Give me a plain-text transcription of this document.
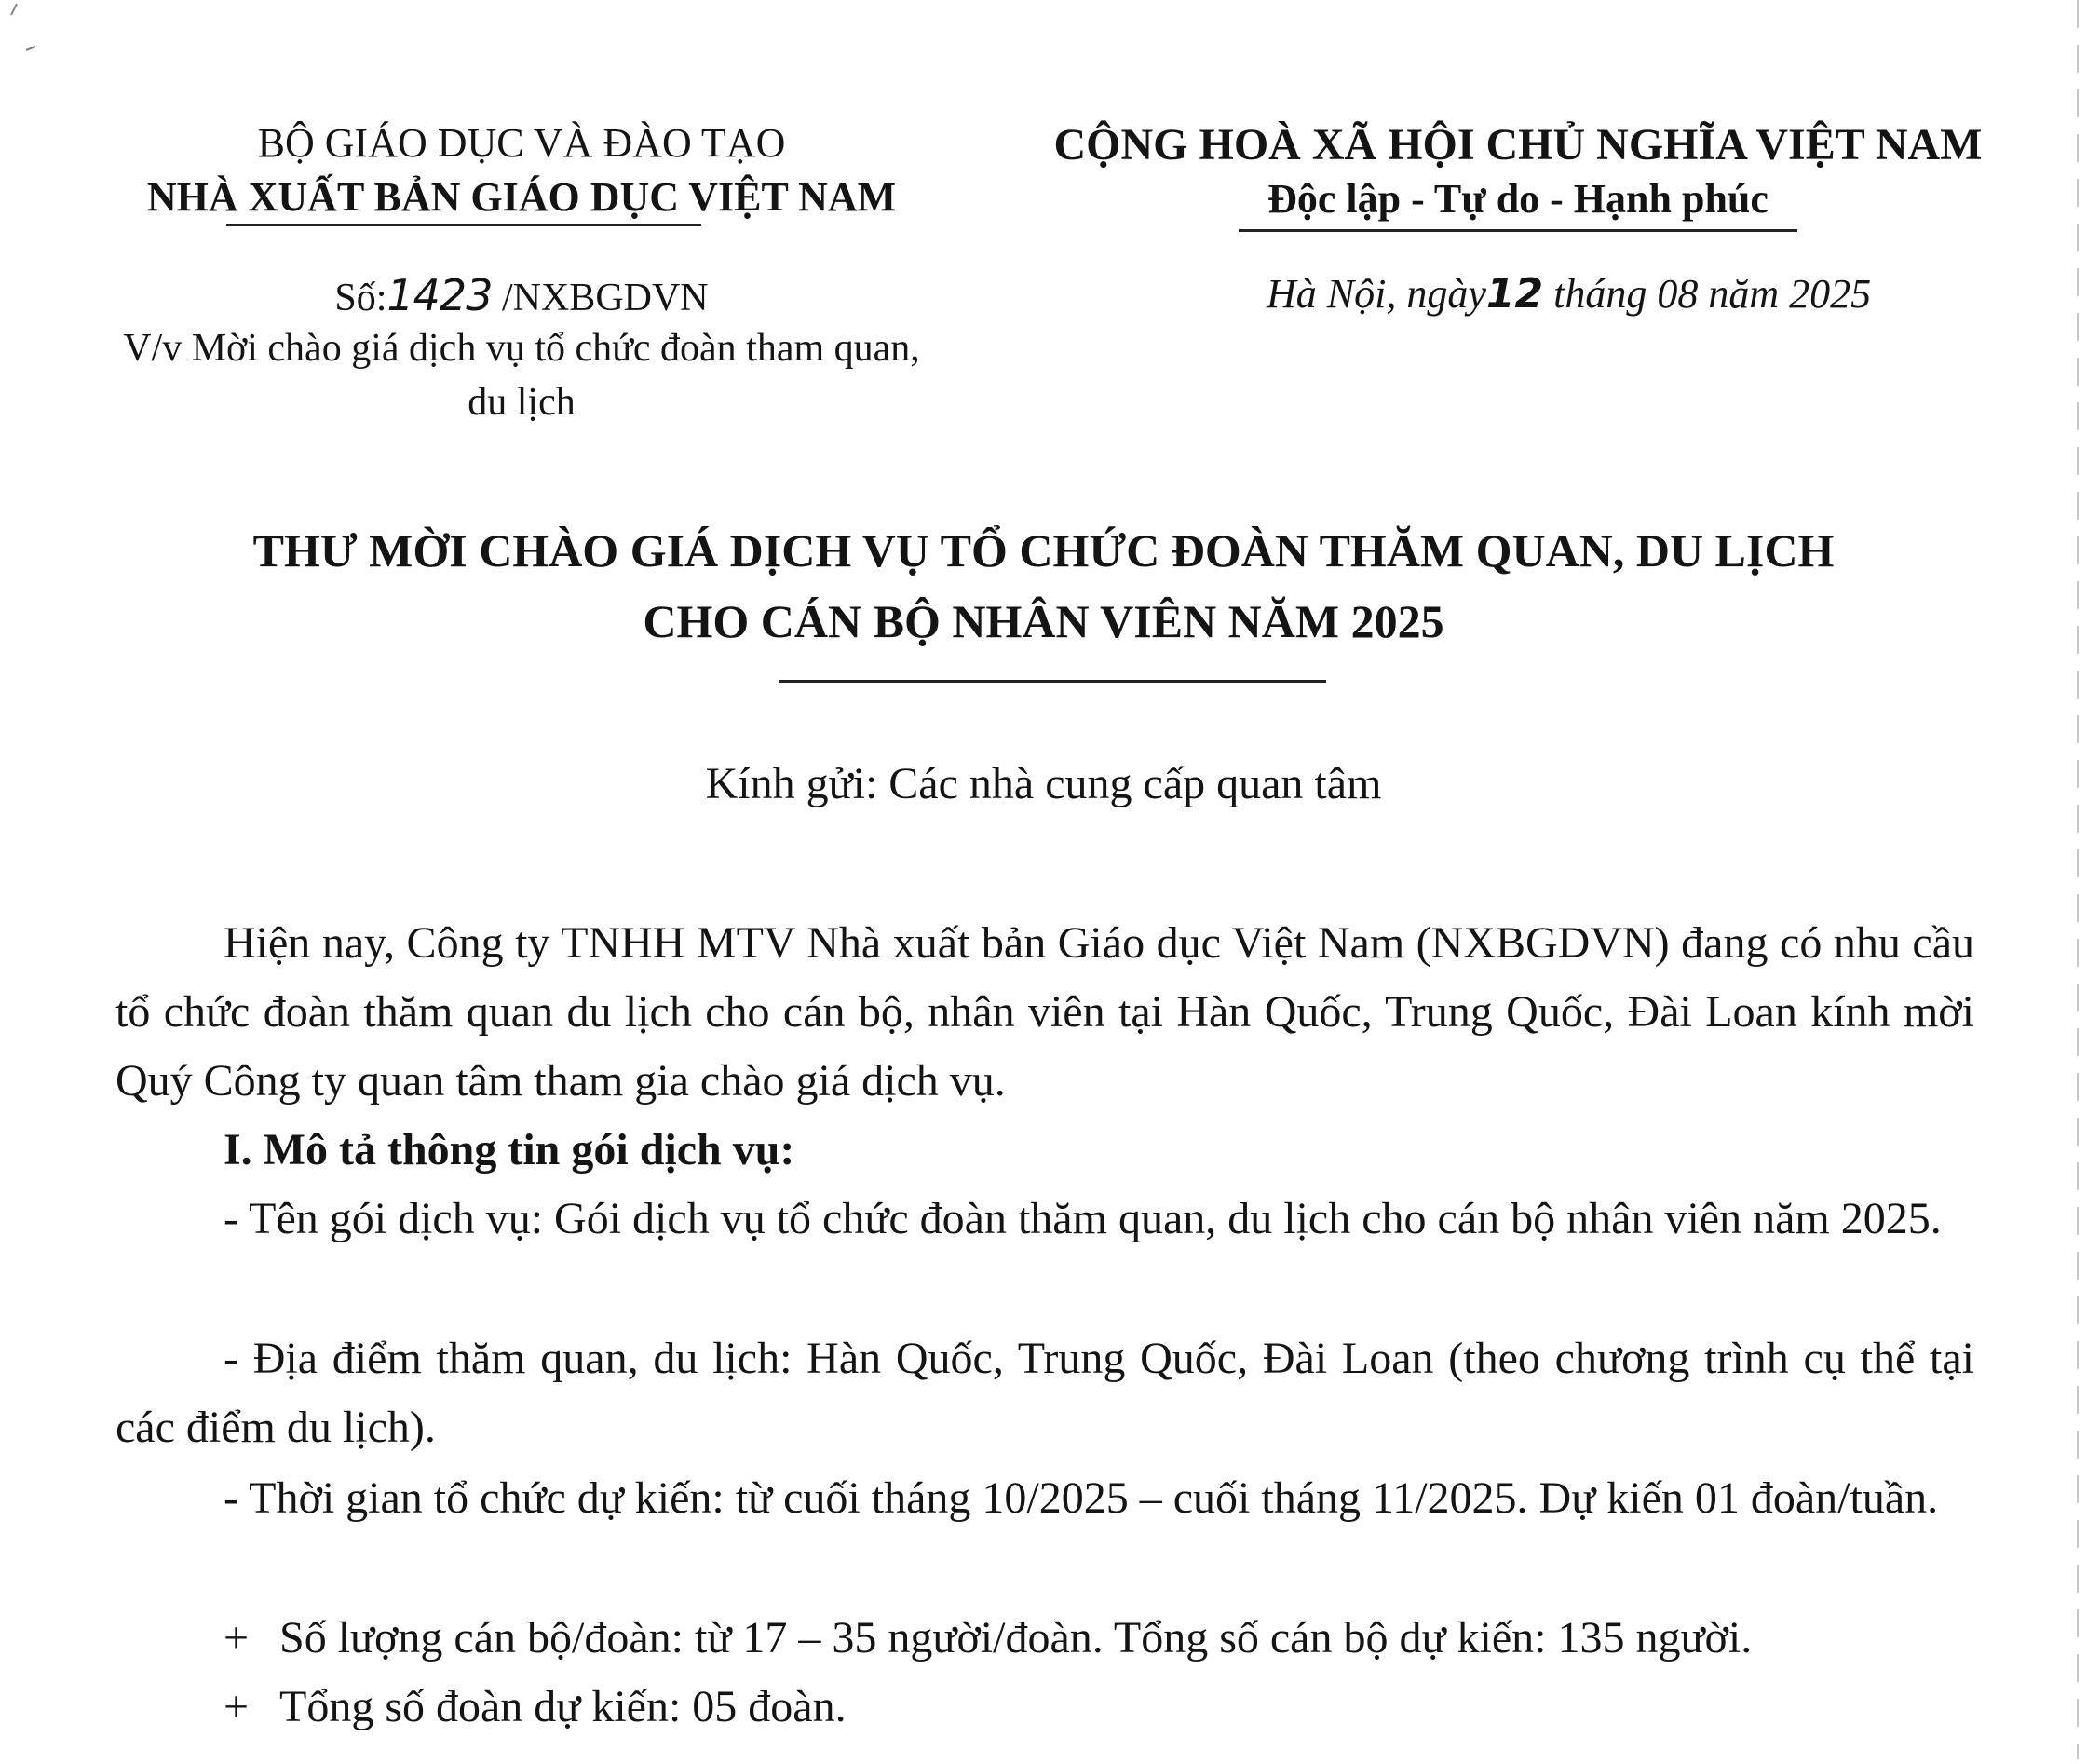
BỘ GIÁO DỤC VÀ ĐÀO TẠO
NHÀ XUẤT BẢN GIÁO DỤC VIỆT NAM
CỘNG HOÀ XÃ HỘI CHỦ NGHĨA VIỆT NAM
Độc lập - Tự do - Hạnh phúc
Số:1423 /NXBGDVN
V/v Mời chào giá dịch vụ tổ chức đoàn tham quan,
du lịch
Hà Nội, ngày12 tháng 08 năm 2025
THƯ MỜI CHÀO GIÁ DỊCH VỤ TỔ CHỨC ĐOÀN THĂM QUAN, DU LỊCH
CHO CÁN BỘ NHÂN VIÊN NĂM 2025
Kính gửi: Các nhà cung cấp quan tâm
Hiện nay, Công ty TNHH MTV Nhà xuất bản Giáo dục Việt Nam (NXBGDVN) đang có nhu cầu tổ chức đoàn thăm quan du lịch cho cán bộ, nhân viên tại Hàn Quốc, Trung Quốc, Đài Loan kính mời Quý Công ty quan tâm tham gia chào giá dịch vụ.
I. Mô tả thông tin gói dịch vụ:
- Tên gói dịch vụ: Gói dịch vụ tổ chức đoàn thăm quan, du lịch cho cán bộ nhân viên năm 2025.
- Địa điểm thăm quan, du lịch: Hàn Quốc, Trung Quốc, Đài Loan (theo chương trình cụ thể tại các điểm du lịch).
- Thời gian tổ chức dự kiến: từ cuối tháng 10/2025 – cuối tháng 11/2025. Dự kiến 01 đoàn/tuần.
+ Số lượng cán bộ/đoàn: từ 17 – 35 người/đoàn. Tổng số cán bộ dự kiến: 135 người.
+ Tổng số đoàn dự kiến: 05 đoàn.
